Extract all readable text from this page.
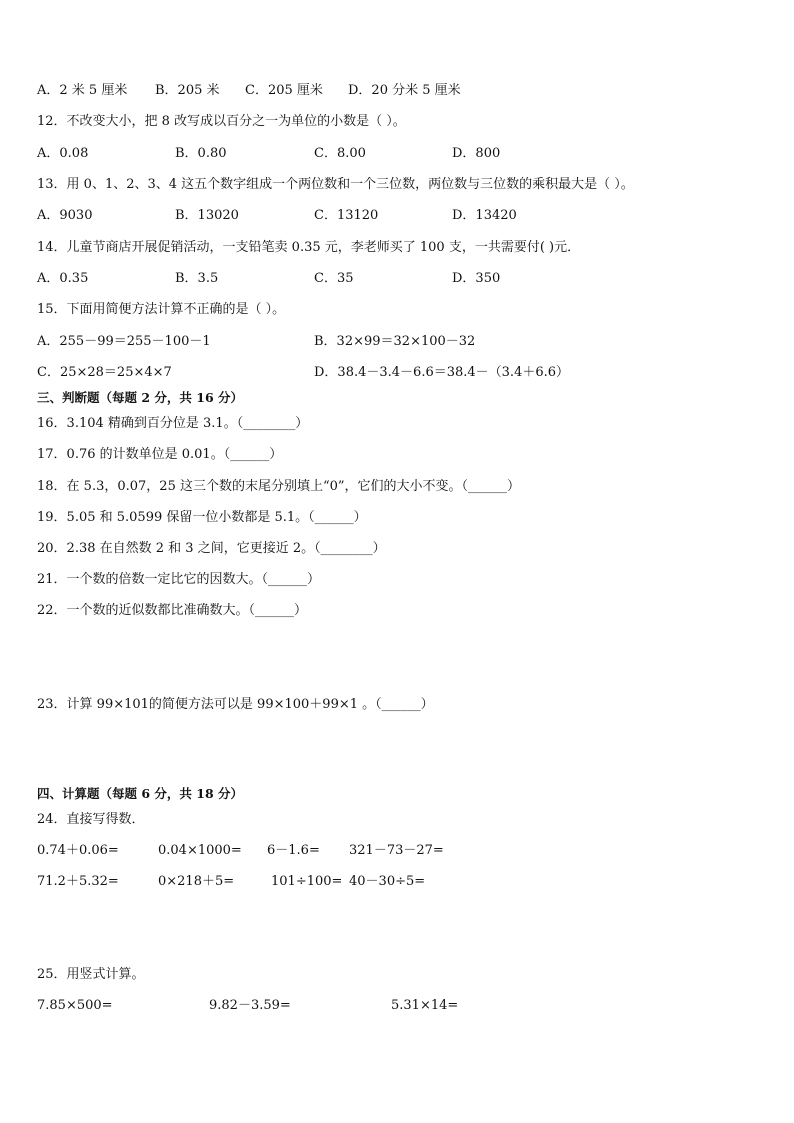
A．2 米 5 厘米 B．205 米 C．205 厘米 D．20 分米 5 厘米
12．不改变大小，把 8 改写成以百分之一为单位的小数是（ ）。
A．0.08	B．0.80	C．8.00	D．800
13．用 0、1、2、3、4 这五个数字组成一个两位数和一个三位数，两位数与三位数的乘积最大是（ ）。
A．9030	B．13020	C．13120	D．13420
14．儿童节商店开展促销活动，一支铅笔卖 0.35 元，李老师买了 100 支，一共需要付( )元．
A．0.35	B．3.5	C．35	D．350
15．下面用简便方法计算不正确的是（ ）。
A．255－99＝255－100－1	B．32×99＝32×100－32
C．25×28＝25×4×7	D．38.4－3.4－6.6＝38.4－（3.4＋6.6）
三、判断题（每题 2 分，共 16 分）
16．3.104 精确到百分位是 3.1。（________）
17．0.76 的计数单位是 0.01。（______）
18．在 5.3，0.07，25 这三个数的末尾分别填上“0”，它们的大小不变。（______）
19．5.05 和 5.0599 保留一位小数都是 5.1。（______）
20．2.38 在自然数 2 和 3 之间，它更接近 2。（________）
21．一个数的倍数一定比它的因数大。（______）
22．一个数的近似数都比准确数大。（______）
23．计算 99×101的简便方法可以是 99×100＋99×1 。（______）
四、计算题（每题 6 分，共 18 分）
24．直接写得数．
0.74＋0.06=	0.04×1000= 6－1.6= 321－73－27=
71.2＋5.32=	0×218＋5=	101÷100= 40－30÷5=
25．用竖式计算。
7.85×500=	9.82－3.59=	5.31×14=
